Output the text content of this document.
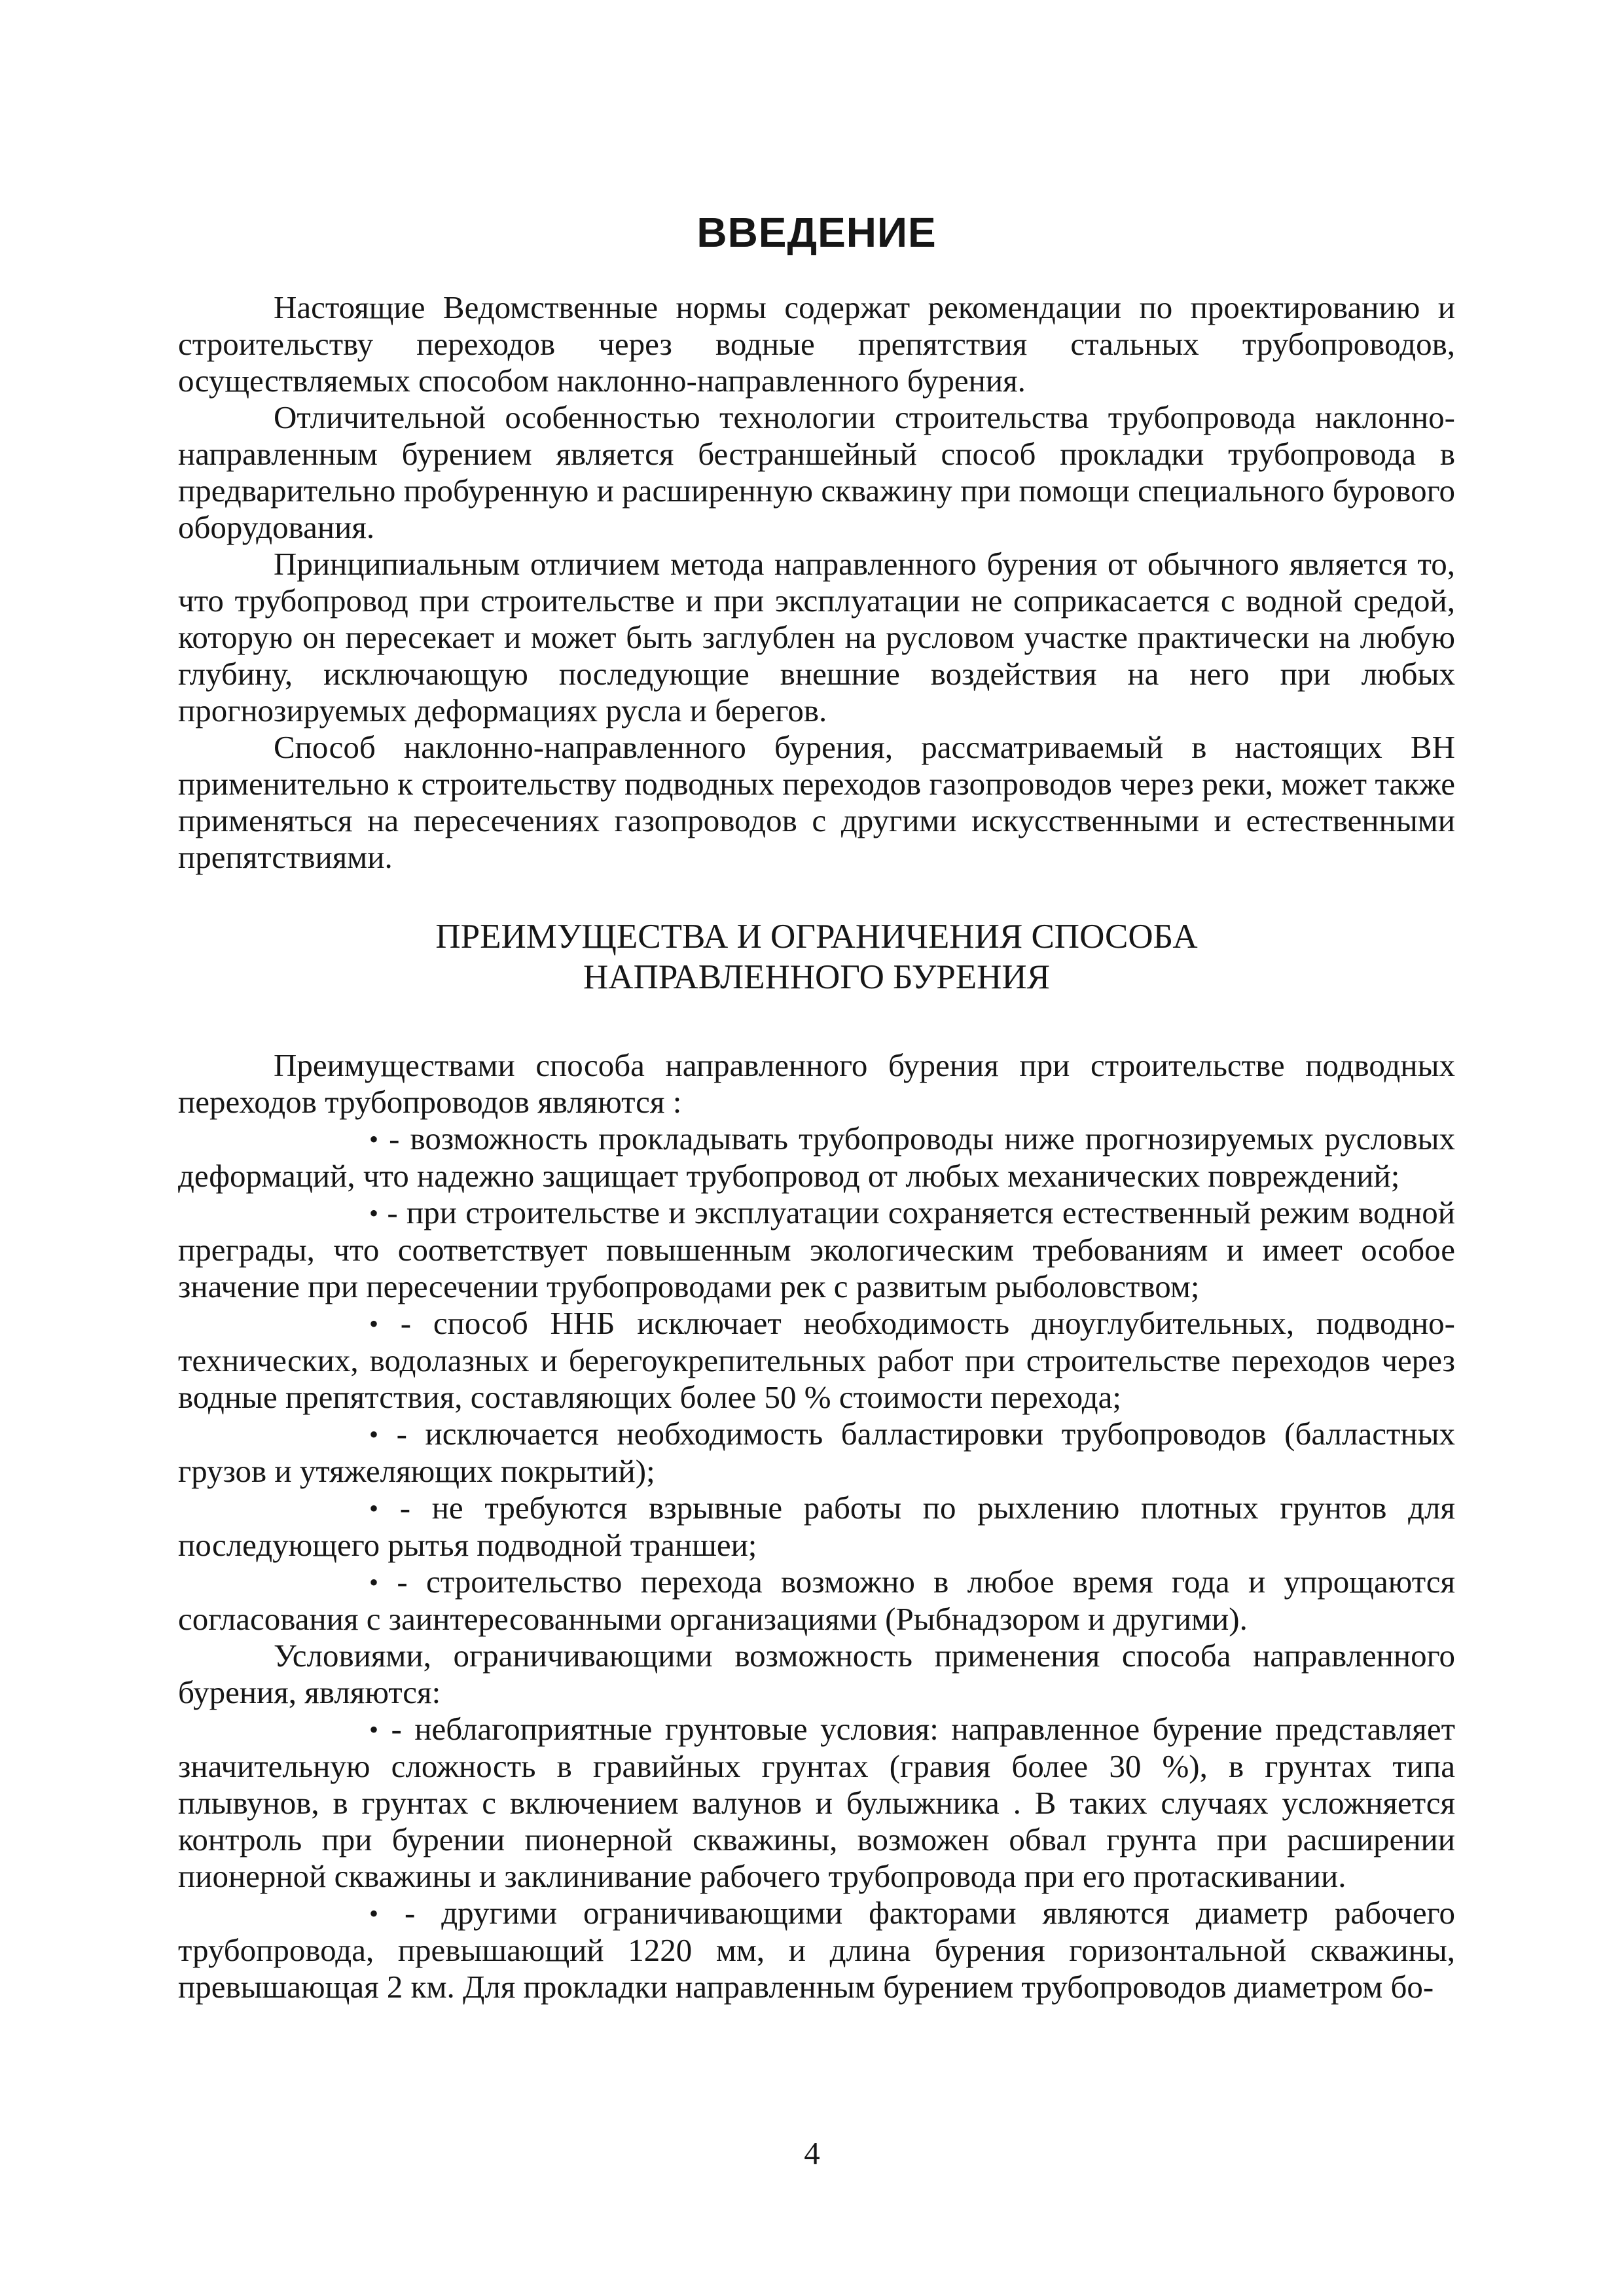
ВВЕДЕНИЕ

Настоящие Ведомственные нормы содержат рекомендации по проектированию и строительству переходов через водные препятствия стальных трубопроводов, осуществляемых способом наклонно-направленного бурения.

Отличительной особенностью технологии строительства трубопровода наклонно-направленным бурением является бестраншейный способ прокладки трубопровода в предварительно пробуренную и расширенную скважину при помощи специального бурового оборудования.

Принципиальным отличием метода направленного бурения от обычного является то, что трубопровод при строительстве и при эксплуатации не соприкасается с водной средой, которую он пересекает и может быть заглублен на русловом участке практически на любую глубину, исключающую последующие внешние воздействия на него при любых прогнозируемых деформациях русла и берегов.

Способ наклонно-направленного бурения, рассматриваемый в настоящих ВН применительно к строительству подводных переходов газопроводов через реки, может также применяться на пересечениях газопроводов с другими искусственными и естественными препятствиями.

ПРЕИМУЩЕСТВА И ОГРАНИЧЕНИЯ СПОСОБА
НАПРАВЛЕННОГО БУРЕНИЯ

Преимуществами способа направленного бурения при строительстве подводных переходов трубопроводов являются :

• - возможность прокладывать трубопроводы ниже прогнозируемых русловых деформаций, что надежно защищает трубопровод от любых механических повреждений;

• - при строительстве и эксплуатации сохраняется естественный режим водной преграды, что соответствует повышенным экологическим требованиям и имеет особое значение при пересечении трубопроводами рек с развитым рыболовством;

• - способ ННБ исключает необходимость дноуглубительных, подводно-технических, водолазных и берегоукрепительных работ при строительстве переходов через водные препятствия, составляющих более 50 % стоимости перехода;

• - исключается необходимость балластировки трубопроводов (балластных грузов и утяжеляющих покрытий);

• - не требуются взрывные работы по рыхлению плотных грунтов для последующего рытья подводной траншеи;

• - строительство перехода возможно в любое время года и упрощаются согласования с заинтересованными организациями (Рыбнадзором и другими).

Условиями, ограничивающими возможность применения способа направленного бурения, являются:

• - неблагоприятные грунтовые условия: направленное бурение представляет значительную сложность в гравийных грунтах (гравия более 30 %), в грунтах типа плывунов, в грунтах с включением валунов и булыжника . В таких случаях усложняется контроль при бурении пионерной скважины, возможен обвал грунта при расширении пионерной скважины и заклинивание рабочего трубопровода при его протаскивании.

• - другими ограничивающими факторами являются диаметр рабочего трубопровода, превышающий 1220 мм, и длина бурения горизонтальной скважины, превышающая 2 км. Для прокладки направленным бурением трубопроводов диаметром бо-

4
